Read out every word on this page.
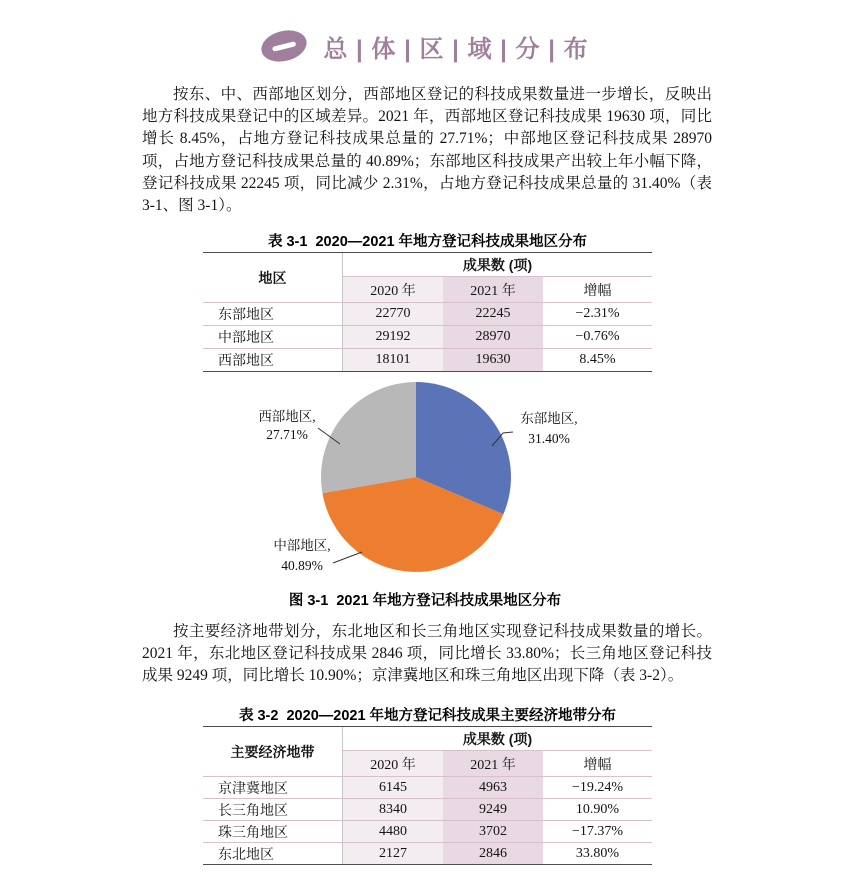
总 | 体 | 区 | 域 | 分 | 布

按东、中、西部地区划分，西部地区登记的科技成果数量进一步增长，反映出地方科技成果登记中的区域差异。2021 年，西部地区登记科技成果 19630 项，同比增长 8.45%，占地方登记科技成果总量的 27.71%；中部地区登记科技成果 28970 项，占地方登记科技成果总量的 40.89%；东部地区科技成果产出较上年小幅下降，登记科技成果 22245 项，同比减少 2.31%，占地方登记科技成果总量的 31.40%（表 3-1、图 3-1）。

表 3-1  2020—2021 年地方登记科技成果地区分布
地区
成果数 (项)
2020 年	2021 年	增幅
东部地区	22770	22245	−2.31%
中部地区	29192	28970	−0.76%
西部地区	18101	19630	8.45%
东部地区,
31.40%
中部地区,
40.89%
西部地区,
27.71%
图 3-1  2021 年地方登记科技成果地区分布

按主要经济地带划分，东北地区和长三角地区实现登记科技成果数量的增长。2021 年，东北地区登记科技成果 2846 项，同比增长 33.80%；长三角地区登记科技成果 9249 项，同比增长 10.90%；京津冀地区和珠三角地区出现下降（表 3-2）。

表 3-2  2020—2021 年地方登记科技成果主要经济地带分布
主要经济地带
成果数 (项)
2020 年	2021 年	增幅
京津冀地区	6145	4963	−19.24%
长三角地区	8340	9249	10.90%
珠三角地区	4480	3702	−17.37%
东北地区	2127	2846	33.80%
